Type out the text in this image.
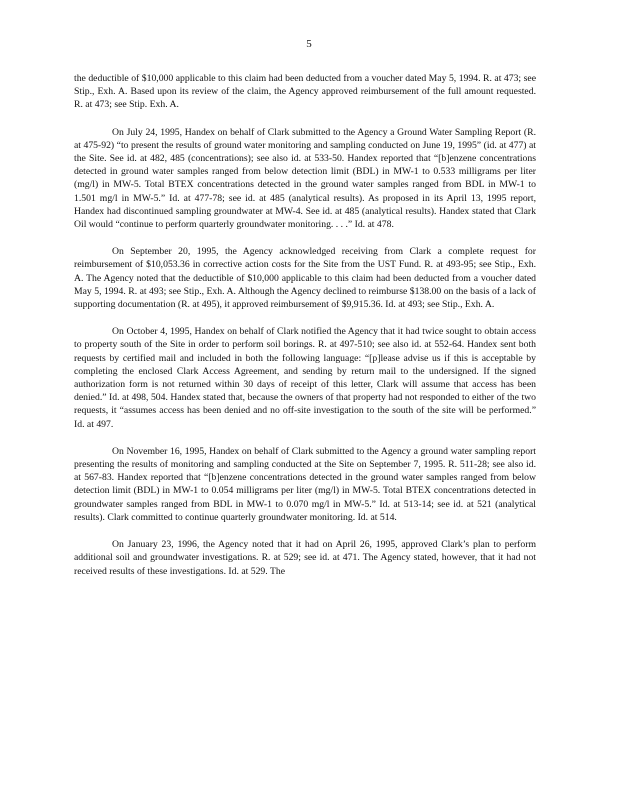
5

the deductible of $10,000 applicable to this claim had been deducted from a voucher dated May 5, 1994. R. at 473; see Stip., Exh. A. Based upon its review of the claim, the Agency approved reimbursement of the full amount requested. R. at 473; see Stip. Exh. A.

On July 24, 1995, Handex on behalf of Clark submitted to the Agency a Ground Water Sampling Report (R. at 475-92) “to present the results of ground water monitoring and sampling conducted on June 19, 1995” (id. at 477) at the Site. See id. at 482, 485 (concentrations); see also id. at 533-50. Handex reported that “[b]enzene concentrations detected in ground water samples ranged from below detection limit (BDL) in MW-1 to 0.533 milligrams per liter (mg/l) in MW-5. Total BTEX concentrations detected in the ground water samples ranged from BDL in MW-1 to 1.501 mg/l in MW-5.” Id. at 477-78; see id. at 485 (analytical results). As proposed in its April 13, 1995 report, Handex had discontinued sampling groundwater at MW-4. See id. at 485 (analytical results). Handex stated that Clark Oil would “continue to perform quarterly groundwater monitoring. . . .” Id. at 478.

On September 20, 1995, the Agency acknowledged receiving from Clark a complete request for reimbursement of $10,053.36 in corrective action costs for the Site from the UST Fund. R. at 493-95; see Stip., Exh. A. The Agency noted that the deductible of $10,000 applicable to this claim had been deducted from a voucher dated May 5, 1994. R. at 493; see Stip., Exh. A. Although the Agency declined to reimburse $138.00 on the basis of a lack of supporting documentation (R. at 495), it approved reimbursement of $9,915.36. Id. at 493; see Stip., Exh. A.

On October 4, 1995, Handex on behalf of Clark notified the Agency that it had twice sought to obtain access to property south of the Site in order to perform soil borings. R. at 497-510; see also id. at 552-64. Handex sent both requests by certified mail and included in both the following language: “[p]lease advise us if this is acceptable by completing the enclosed Clark Access Agreement, and sending by return mail to the undersigned. If the signed authorization form is not returned within 30 days of receipt of this letter, Clark will assume that access has been denied.” Id. at 498, 504. Handex stated that, because the owners of that property had not responded to either of the two requests, it “assumes access has been denied and no off-site investigation to the south of the site will be performed.” Id. at 497.

On November 16, 1995, Handex on behalf of Clark submitted to the Agency a ground water sampling report presenting the results of monitoring and sampling conducted at the Site on September 7, 1995. R. 511-28; see also id. at 567-83. Handex reported that “[b]enzene concentrations detected in the ground water samples ranged from below detection limit (BDL) in MW-1 to 0.054 milligrams per liter (mg/l) in MW-5. Total BTEX concentrations detected in groundwater samples ranged from BDL in MW-1 to 0.070 mg/l in MW-5.” Id. at 513-14; see id. at 521 (analytical results). Clark committed to continue quarterly groundwater monitoring. Id. at 514.

On January 23, 1996, the Agency noted that it had on April 26, 1995, approved Clark’s plan to perform additional soil and groundwater investigations. R. at 529; see id. at 471. The Agency stated, however, that it had not received results of these investigations. Id. at 529. The
